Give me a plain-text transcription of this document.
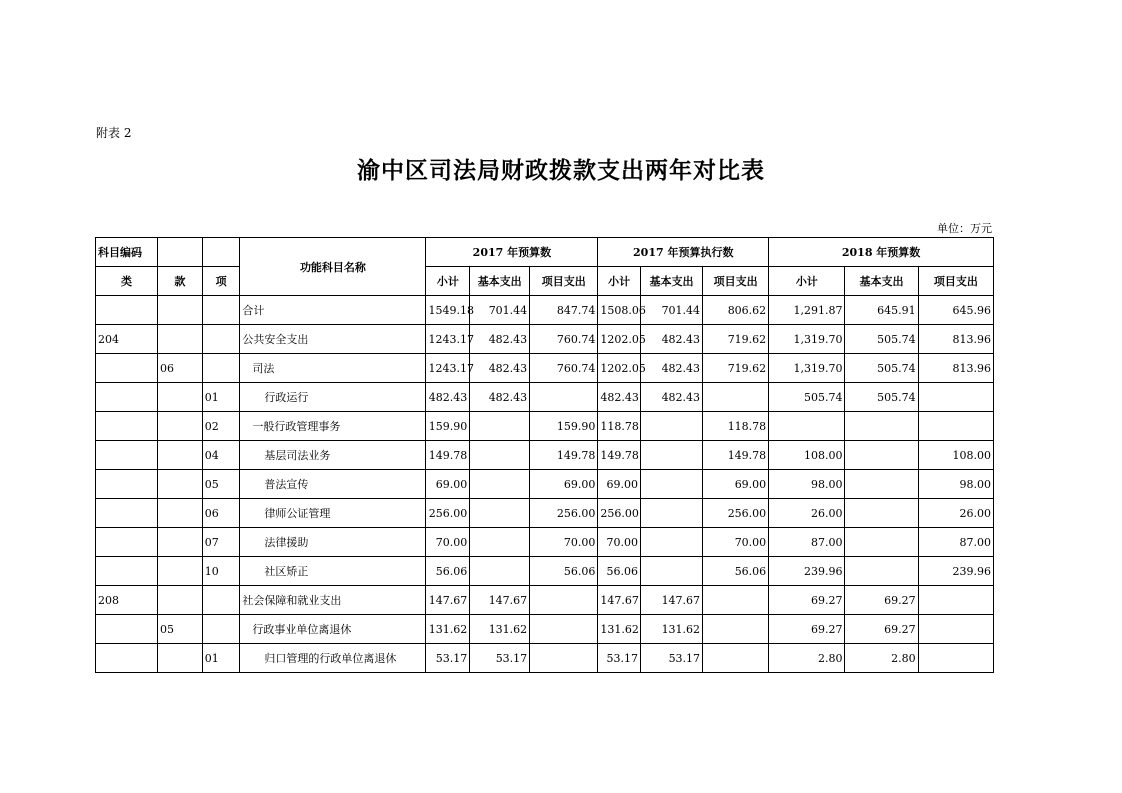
附表 2
渝中区司法局财政拨款支出两年对比表
单位：万元
科目编码			功能科目名称	2017 年预算数			2017 年预算执行数			2018 年预算数		
类	款	项		小计	基本支出	项目支出	小计	基本支出	项目支出	小计	基本支出	项目支出
			合计	1549.18	701.44	847.74	1508.06	701.44	806.62	1,291.87	645.91	645.96
204			公共安全支出	1243.17	482.43	760.74	1202.05	482.43	719.62	1,319.70	505.74	813.96
	06		司法	1243.17	482.43	760.74	1202.05	482.43	719.62	1,319.70	505.74	813.96
		01	行政运行	482.43	482.43		482.43	482.43		505.74	505.74	
		02	一般行政管理事务	159.90		159.90	118.78		118.78			
		04	基层司法业务	149.78		149.78	149.78		149.78	108.00		108.00
		05	普法宣传	69.00		69.00	69.00		69.00	98.00		98.00
		06	律师公证管理	256.00		256.00	256.00		256.00	26.00		26.00
		07	法律援助	70.00		70.00	70.00		70.00	87.00		87.00
		10	社区矫正	56.06		56.06	56.06		56.06	239.96		239.96
208			社会保障和就业支出	147.67	147.67		147.67	147.67		69.27	69.27	
	05		行政事业单位离退休	131.62	131.62		131.62	131.62		69.27	69.27	
		01	归口管理的行政单位离退休	53.17	53.17		53.17	53.17		2.80	2.80	
